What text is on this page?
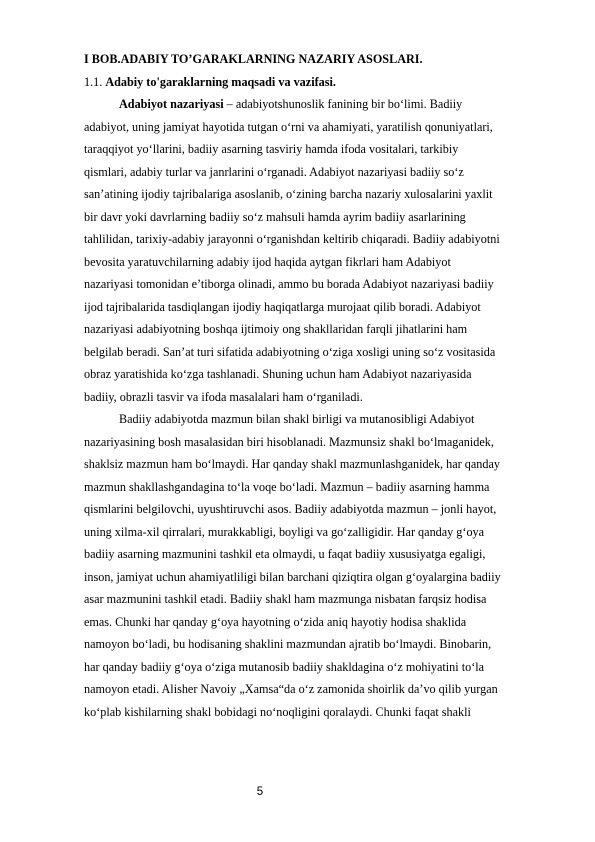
I BOB.ADABIY TO’GARAKLARNING NAZARIY ASOSLARI.
1.1. Adabiy to'garaklarning maqsadi va vazifasi.
Adabiyot nazariyasi – adabiyotshunoslik fanining bir bo‘limi. Badiiy
adabiyot, uning jamiyat hayotida tutgan o‘rni va ahamiyati, yaratilish qonuniyatlari,
taraqqiyot yo‘llarini, badiiy asarning tasviriy hamda ifoda vositalari, tarkibiy
qismlari, adabiy turlar va janrlarini o‘rganadi. Adabiyot nazariyasi badiiy so‘z
san’atining ijodiy tajribalariga asoslanib, o‘zining barcha nazariy xulosalarini yaxlit
bir davr yoki davrlarning badiiy so‘z mahsuli hamda ayrim badiiy asarlarining
tahlilidan, tarixiy-adabiy jarayonni o‘rganishdan keltirib chiqaradi. Badiiy adabiyotni
bevosita yaratuvchilarning adabiy ijod haqida aytgan fikrlari ham Adabiyot
nazariyasi tomonidan e’tiborga olinadi, ammo bu borada Adabiyot nazariyasi badiiy
ijod tajribalarida tasdiqlangan ijodiy haqiqatlarga murojaat qilib boradi. Adabiyot
nazariyasi adabiyotning boshqa ijtimoiy ong shakllaridan farqli jihatlarini ham
belgilab beradi. San’at turi sifatida adabiyotning o‘ziga xosligi uning so‘z vositasida
obraz yaratishida ko‘zga tashlanadi. Shuning uchun ham Adabiyot nazariyasida
badiiy, obrazli tasvir va ifoda masalalari ham o‘rganiladi.
Badiiy adabiyotda mazmun bilan shakl birligi va mutanosibligi Adabiyot
nazariyasining bosh masalasidan biri hisoblanadi. Mazmunsiz shakl bo‘lmaganidek,
shaklsiz mazmun ham bo‘lmaydi. Har qanday shakl mazmunlashganidek, har qanday
mazmun shakllashgandagina to‘la voqe bo‘ladi. Mazmun – badiiy asarning hamma
qismlarini belgilovchi, uyushtiruvchi asos. Badiiy adabiyotda mazmun – jonli hayot,
uning xilma-xil qirralari, murakkabligi, boyligi va go‘zalligidir. Har qanday g‘oya
badiiy asarning mazmunini tashkil eta olmaydi, u faqat badiiy xususiyatga egaligi,
inson, jamiyat uchun ahamiyatliligi bilan barchani qiziqtira olgan g‘oyalargina badiiy
asar mazmunini tashkil etadi. Badiiy shakl ham mazmunga nisbatan farqsiz hodisa
emas. Chunki har qanday g‘oya hayotning o‘zida aniq hayotiy hodisa shaklida
namoyon bo‘ladi, bu hodisaning shaklini mazmundan ajratib bo‘lmaydi. Binobarin,
har qanday badiiy g‘oya o‘ziga mutanosib badiiy shakldagina o‘z mohiyatini to‘la
namoyon etadi. Alisher Navoiy „Xamsa“da o‘z zamonida shoirlik da’vo qilib yurgan
ko‘plab kishilarning shakl bobidagi no‘noqligini qoralaydi. Chunki faqat shakli
5
